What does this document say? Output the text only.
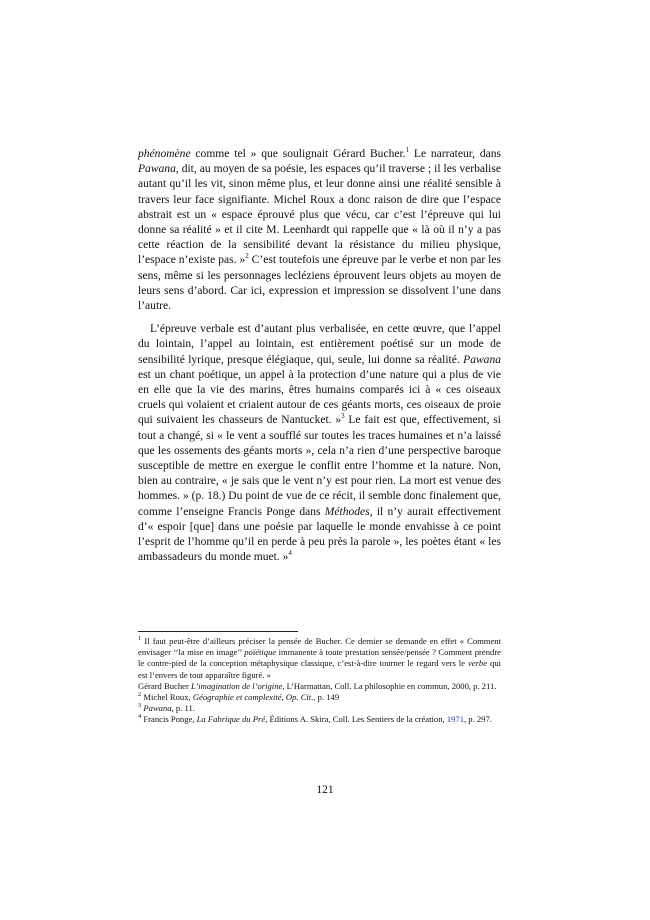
phénomène comme tel » que soulignait Gérard Bucher.$^1$ Le narrateur, dans Pawana, dit, au moyen de sa poésie, les espaces qu’il traverse ; il les verbalise autant qu’il les vit, sinon même plus, et leur donne ainsi une réalité sensible à travers leur face signifiante. Michel Roux a donc raison de dire que l’espace abstrait est un « espace éprouvé plus que vécu, car c’est l’épreuve qui lui donne sa réalité » et il cite M. Leenhardt qui rappelle que « là où il n’y a pas cette réaction de la sensibilité devant la résistance du milieu physique, l’espace n’existe pas. »$^2$ C’est toutefois une épreuve par le verbe et non par les sens, même si les personnages lecléziens éprouvent leurs objets au moyen de leurs sens d’abord. Car ici, expression et impression se dissolvent l’une dans l’autre.

L’épreuve verbale est d’autant plus verbalisée, en cette œuvre, que l’appel du lointain, l’appel au lointain, est entièrement poétisé sur un mode de sensibilité lyrique, presque élégiaque, qui, seule, lui donne sa réalité. Pawana est un chant poétique, un appel à la protection d’une nature qui a plus de vie en elle que la vie des marins, êtres humains comparés ici à « ces oiseaux cruels qui volaient et criaient autour de ces géants morts, ces oiseaux de proie qui suivaient les chasseurs de Nantucket. »$^3$ Le fait est que, effectivement, si tout a changé, si « le vent a soufflé sur toutes les traces humaines et n’a laissé que les ossements des géants morts », cela n’a rien d’une perspective baroque susceptible de mettre en exergue le conflit entre l’homme et la nature. Non, bien au contraire, « je sais que le vent n’y est pour rien. La mort est venue des hommes. » (p. 18.) Du point de vue de ce récit, il semble donc finalement que, comme l’enseigne Francis Ponge dans Méthodes, il n’y aurait effectivement d’« espoir [que] dans une poésie par laquelle le monde envahisse à ce point l’esprit de l’homme qu’il en perde à peu près la parole », les poètes étant « les ambassadeurs du monde muet. »$^4$

$^1$ Il faut peut-être d’ailleurs préciser la pensée de Bucher. Ce dernier se demande en effet « Comment envisager ‘‘la mise en image’’ poïétique immanente à toute prestation sensée/pensée ? Comment prendre le contre-pied de la conception métaphysique classique, c’est-à-dire tourner le regard vers le verbe qui est l’envers de tout apparaître figuré. »

Gérard Bucher L’imagination de l’origine, L’Harmattan, Coll. La philosophie en commun, 2000, p. 211.

$^2$ Michel Roux, Géographie et complexité, Op. Cit., p. 149

$^3$ Pawana, p. 11.

$^4$ Francis Ponge, La Fabrique du Pré, Éditions A. Skira, Coll. Les Sentiers de la création, 1971, p. 297.

121
